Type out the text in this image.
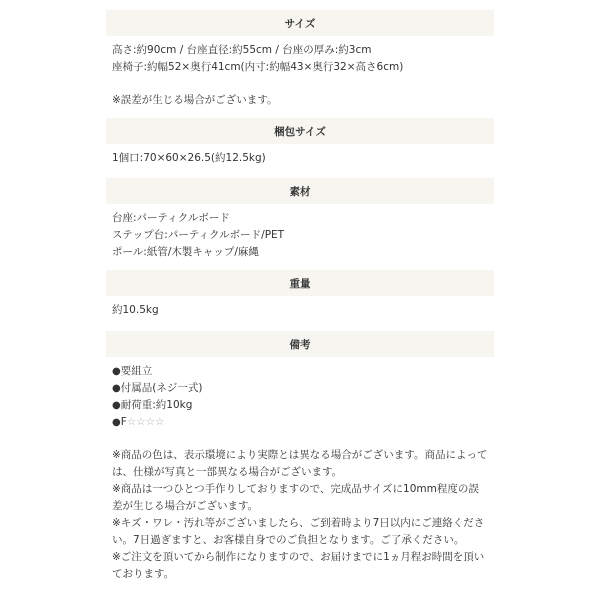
サイズ
高さ:約90cm / 台座直径:約55cm / 台座の厚み:約3cm
座椅子:約幅52×奥行41cm(内寸:約幅43×奥行32×高さ6cm)
※誤差が生じる場合がございます。
梱包サイズ
1個口:70×60×26.5(約12.5kg)
素材
台座:パーティクルボード
ステップ台:パーティクルボード/PET
ポール:紙管/木製キャップ/麻縄
重量
約10.5kg
備考
●要組立
●付属品(ネジ一式)
●耐荷重:約10kg
●F☆☆☆☆
※商品の色は、表示環境により実際とは異なる場合がございます。商品によっては、仕様が写真と一部異なる場合がございます。
※商品は一つひとつ手作りしておりますので、完成品サイズに10mm程度の誤差が生じる場合がございます。
※キズ・ワレ・汚れ等がございましたら、ご到着時より7日以内にご連絡ください。7日過ぎますと、お客様自身でのご負担となります。ご了承ください。
※ご注文を頂いてから制作になりますので、お届けまでに1ヵ月程お時間を頂いております。
